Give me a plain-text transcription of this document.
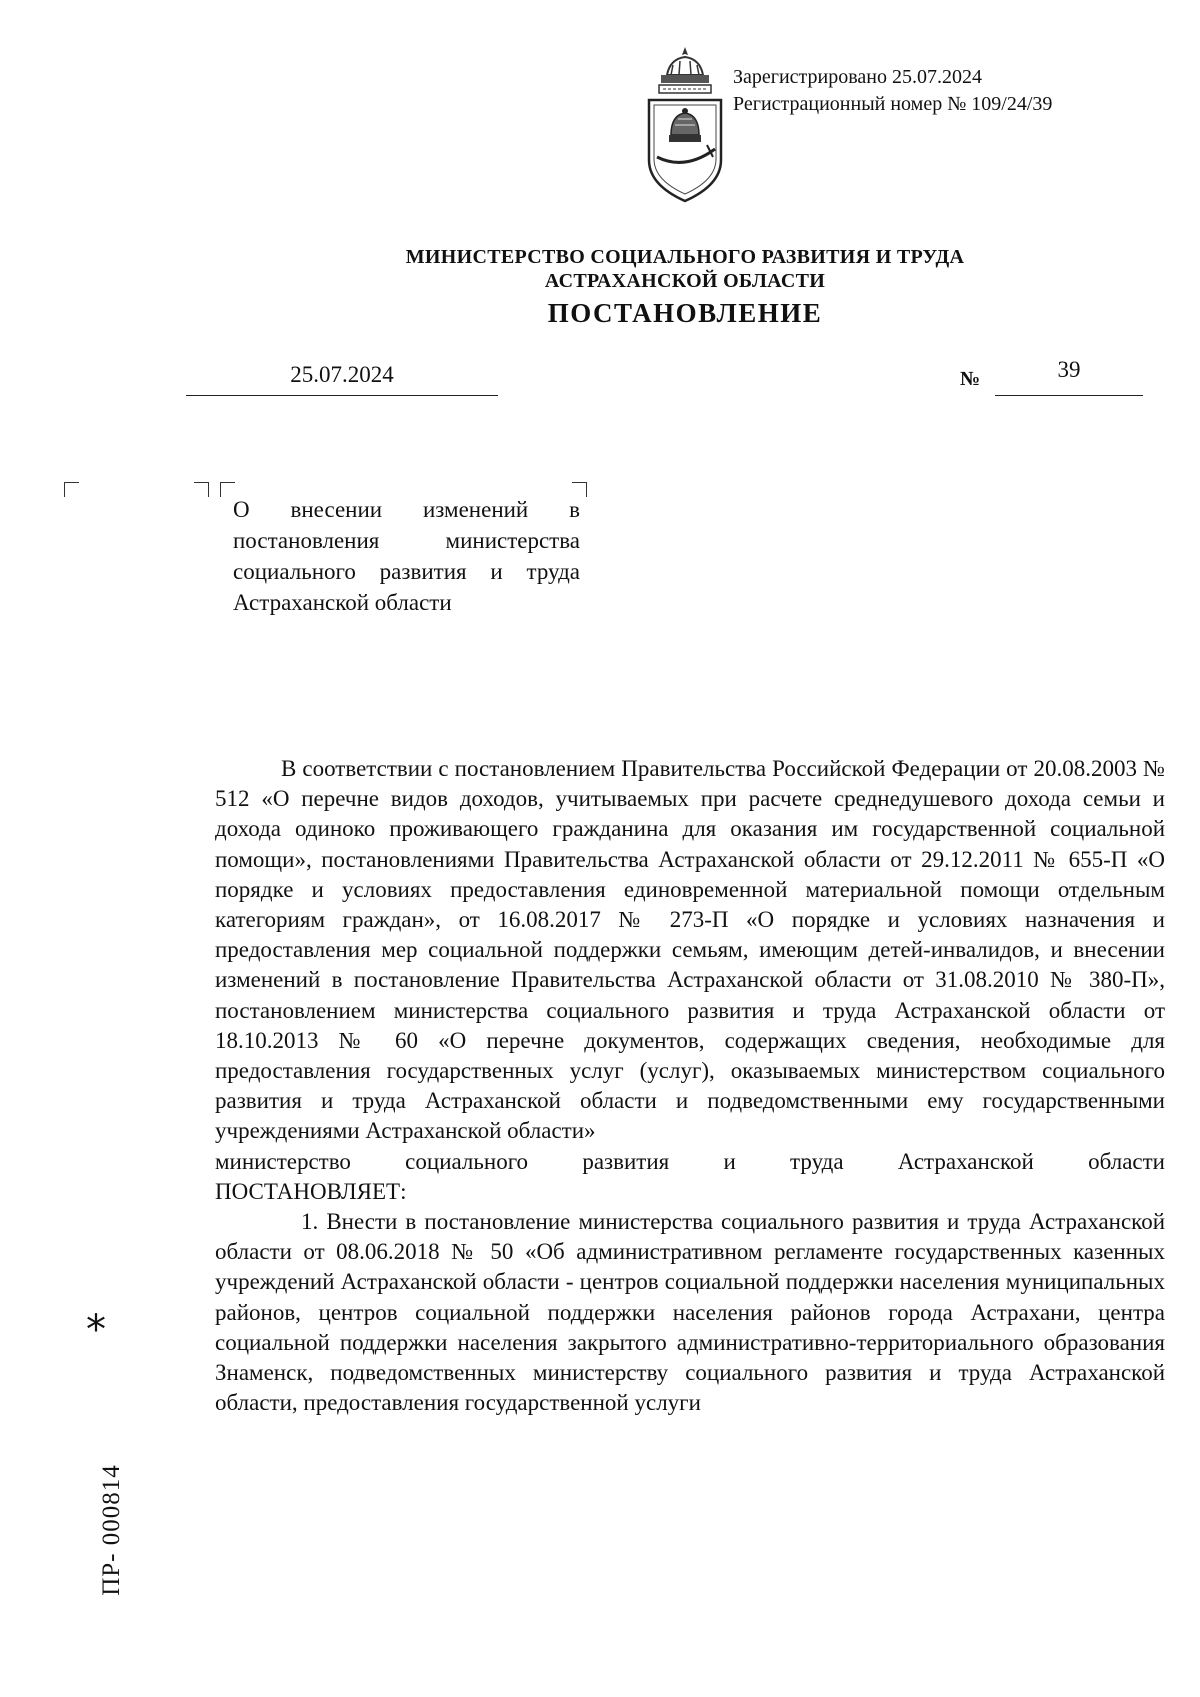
Зарегистрировано 25.07.2024
Регистрационный номер № 109/24/39
МИНИСТЕРСТВО СОЦИАЛЬНОГО РАЗВИТИЯ И ТРУДА
АСТРАХАНСКОЙ ОБЛАСТИ
ПОСТАНОВЛЕНИЕ
25.07.2024	№	39
О внесении изменений в постановления министерства социального развития и труда Астраханской области

В соответствии с постановлением Правительства Российской Федерации от 20.08.2003 № 512 «О перечне видов доходов, учитываемых при расчете среднедушевого дохода семьи и дохода одиноко проживающего гражданина для оказания им государственной социальной помощи», постановлениями Правительства Астраханской области от 29.12.2011 № 655-П «О порядке и условиях предоставления единовременной материальной помощи отдельным категориям граждан», от 16.08.2017 № 273-П «О порядке и условиях назначения и предоставления мер социальной поддержки семьям, имеющим детей-инвалидов, и внесении изменений в постановление Правительства Астраханской области от 31.08.2010 № 380-П», постановлением министерства социального развития и труда Астраханской области от 18.10.2013 № 60 «О перечне документов, содержащих сведения, необходимые для предоставления государственных услуг (услуг), оказываемых министерством социального развития и труда Астраханской области и подведомственными ему государственными учреждениями Астраханской области»

министерство социального развития и труда Астраханской области

ПОСТАНОВЛЯЕТ:

1. Внести в постановление министерства социального развития и труда Астраханской области от 08.06.2018 № 50 «Об административном регламенте государственных казенных учреждений Астраханской области - центров социальной поддержки населения муниципальных районов, центров социальной поддержки населения районов города Астрахани, центра социальной поддержки населения закрытого административно-территориального образования Знаменск, подведомственных министерству социального развития и труда Астраханской области, предоставления государственной услуги

*
ПР- 000814
